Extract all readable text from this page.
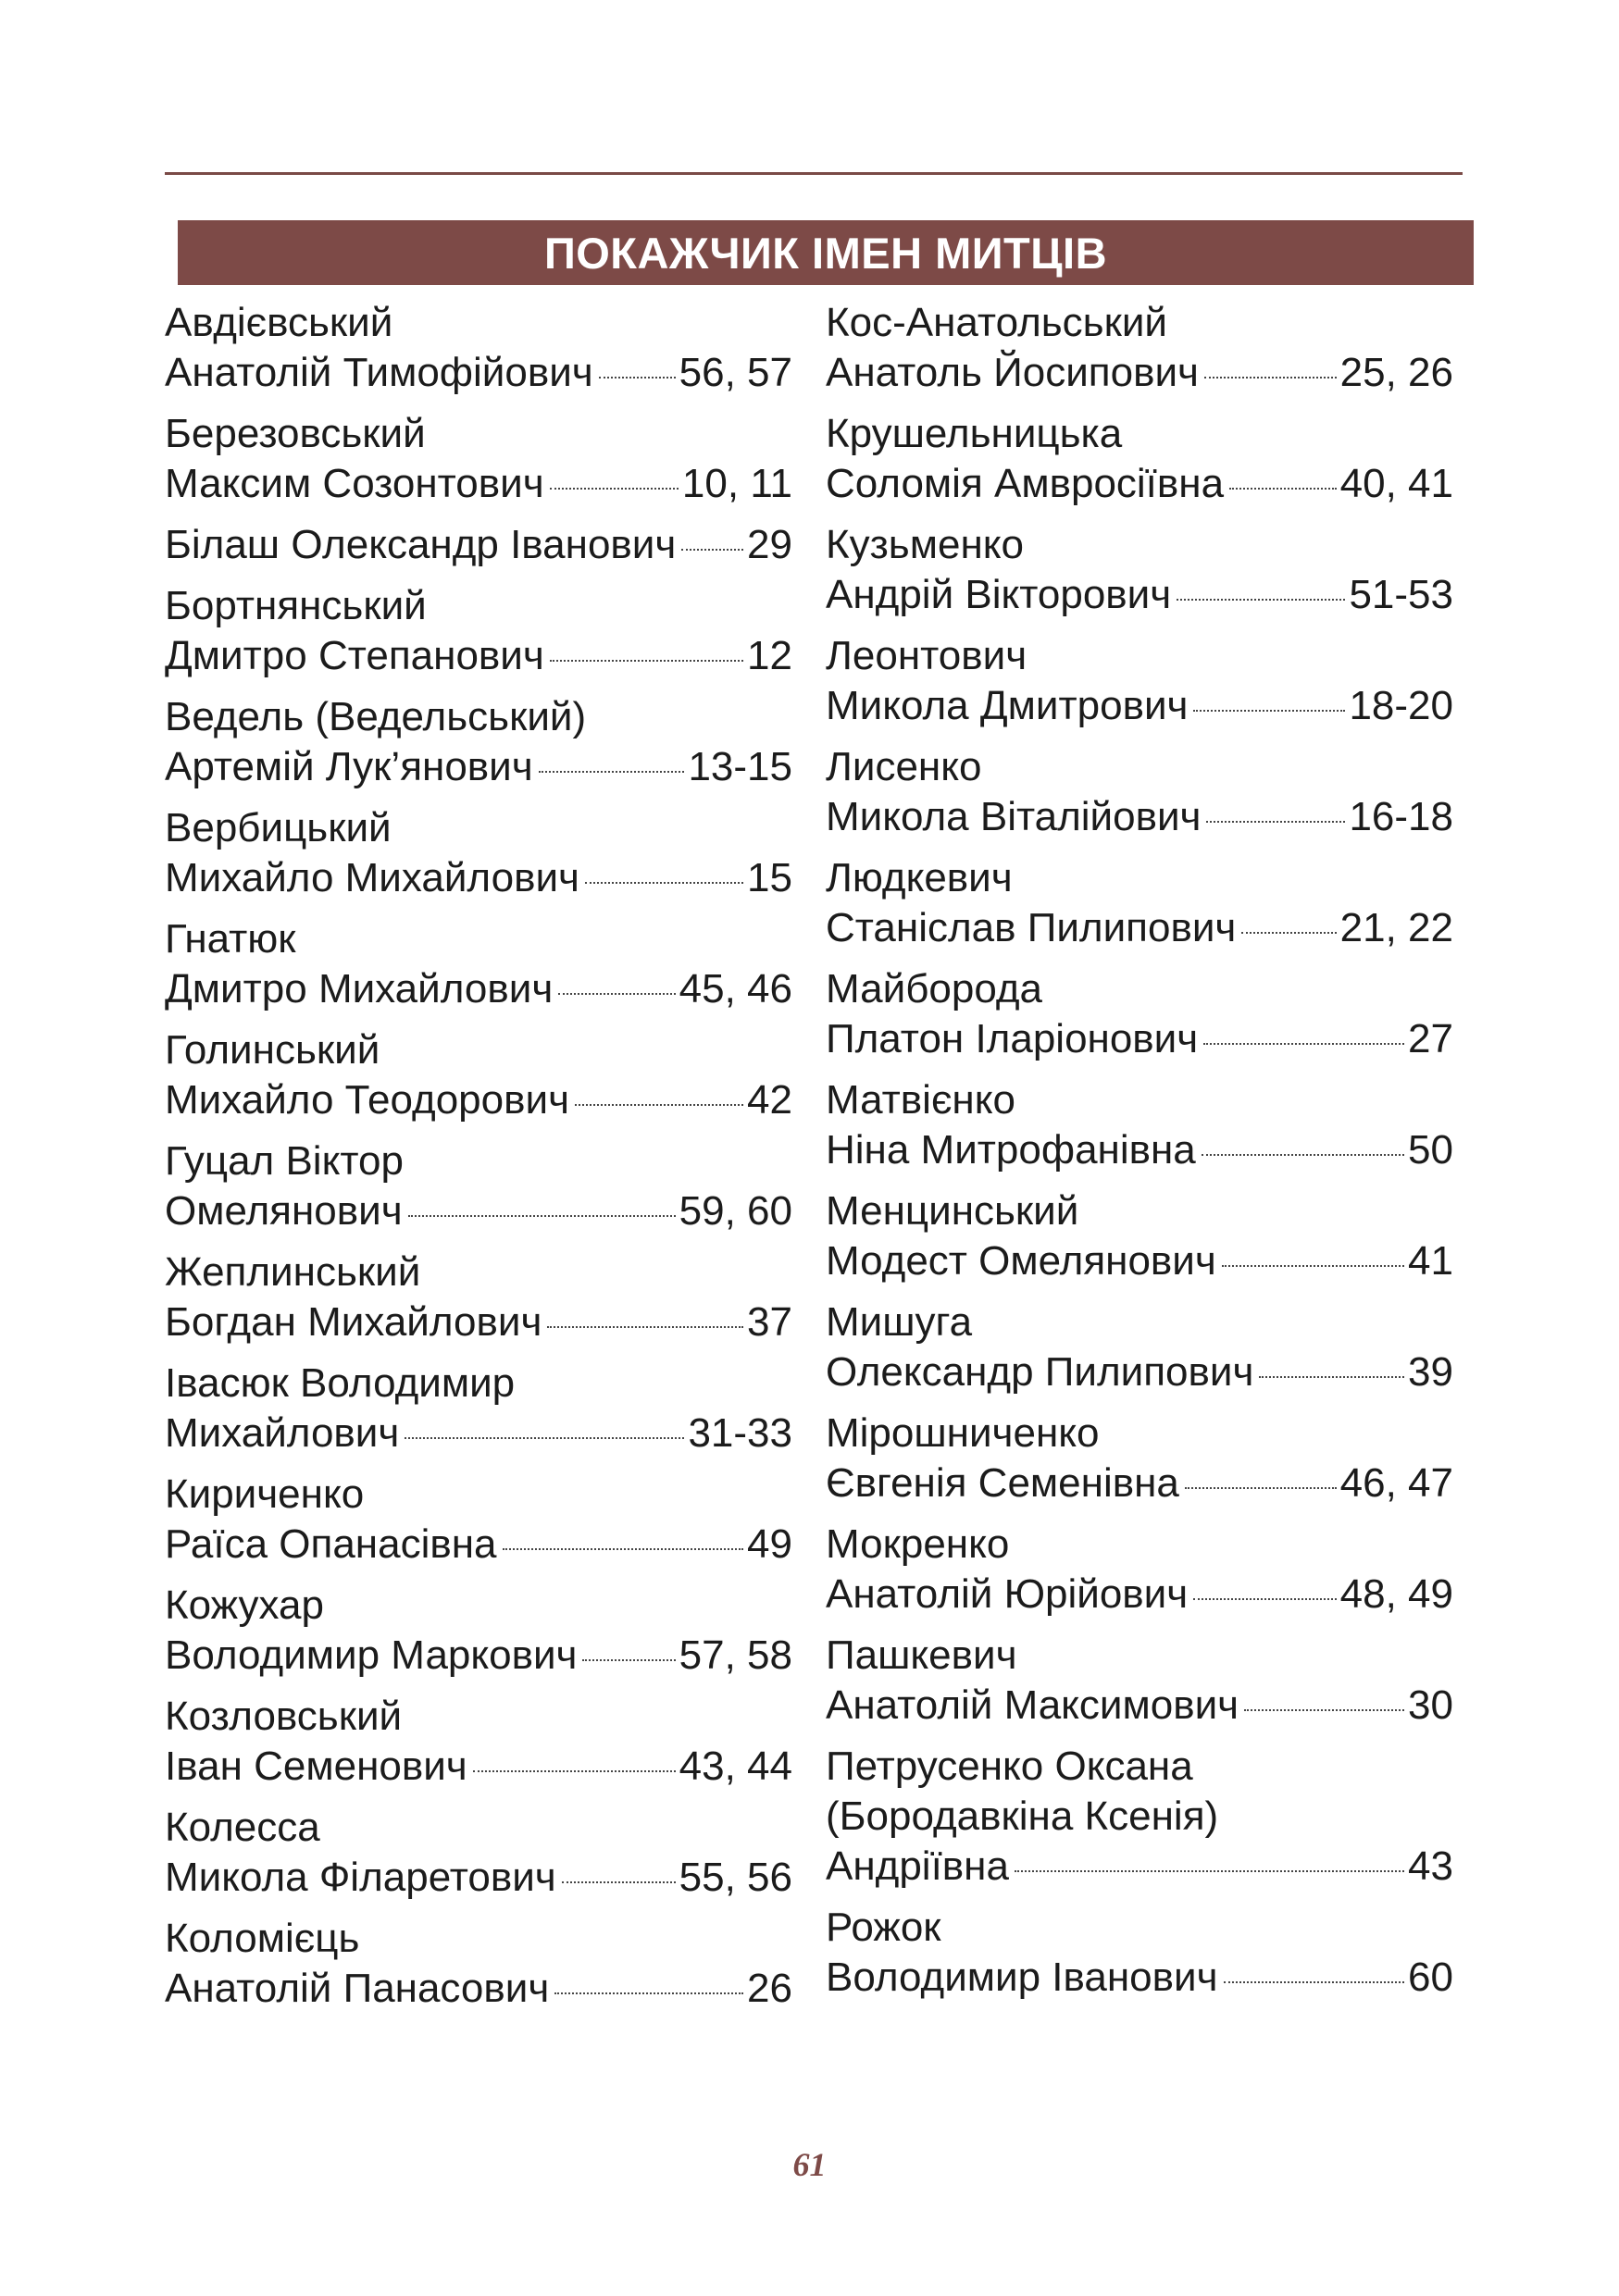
ПОКАЖЧИК ІМЕН МИТЦІВ
Авдієвський
Анатолій Тимофійович 56, 57
Березовський
Максим Созонтович	10, 11
Білаш Олександр Іванович 29
Бортнянський
Дмитро Степанович	12
Ведель (Ведельський)
Артемій Лук’янович	13-15
Вербицький
Михайло Михайлович	15
Гнатюк
Дмитро Михайлович	45, 46
Голинський
Михайло Теодорович	42
Гуцал Віктор
Омелянович	59, 60
Жеплинський
Богдан Михайлович	37
Івасюк Володимир
Михайлович	31-33
Кириченко
Раїса Опанасівна	49
Кожухар
Володимир Маркович	57, 58
Козловський
Іван Семенович	43, 44
Колесса
Микола Філаретович	55, 56
Коломієць
Анатолій Панасович	26
Кос-Анатольський
Анатоль Йосипович	25, 26
Крушельницька
Соломія Амвросіївна	40, 41
Кузьменко
Андрій Вікторович	51-53
Леонтович
Микола Дмитрович	18-20
Лисенко
Микола Віталійович	16-18
Людкевич
Станіслав Пилипович	21, 22
Майборода
Платон Іларіонович	27
Матвієнко
Ніна Митрофанівна	50
Менцинський
Модест Омелянович	41
Мишуга
Олександр Пилипович	39
Мірошниченко
Євгенія Семенівна	46, 47
Мокренко
Анатолій Юрійович	48, 49
Пашкевич
Анатолій Максимович	30
Петрусенко Оксана
(Бородавкіна Ксенія)
Андріївна	43
Рожок
Володимир Іванович	60
61
